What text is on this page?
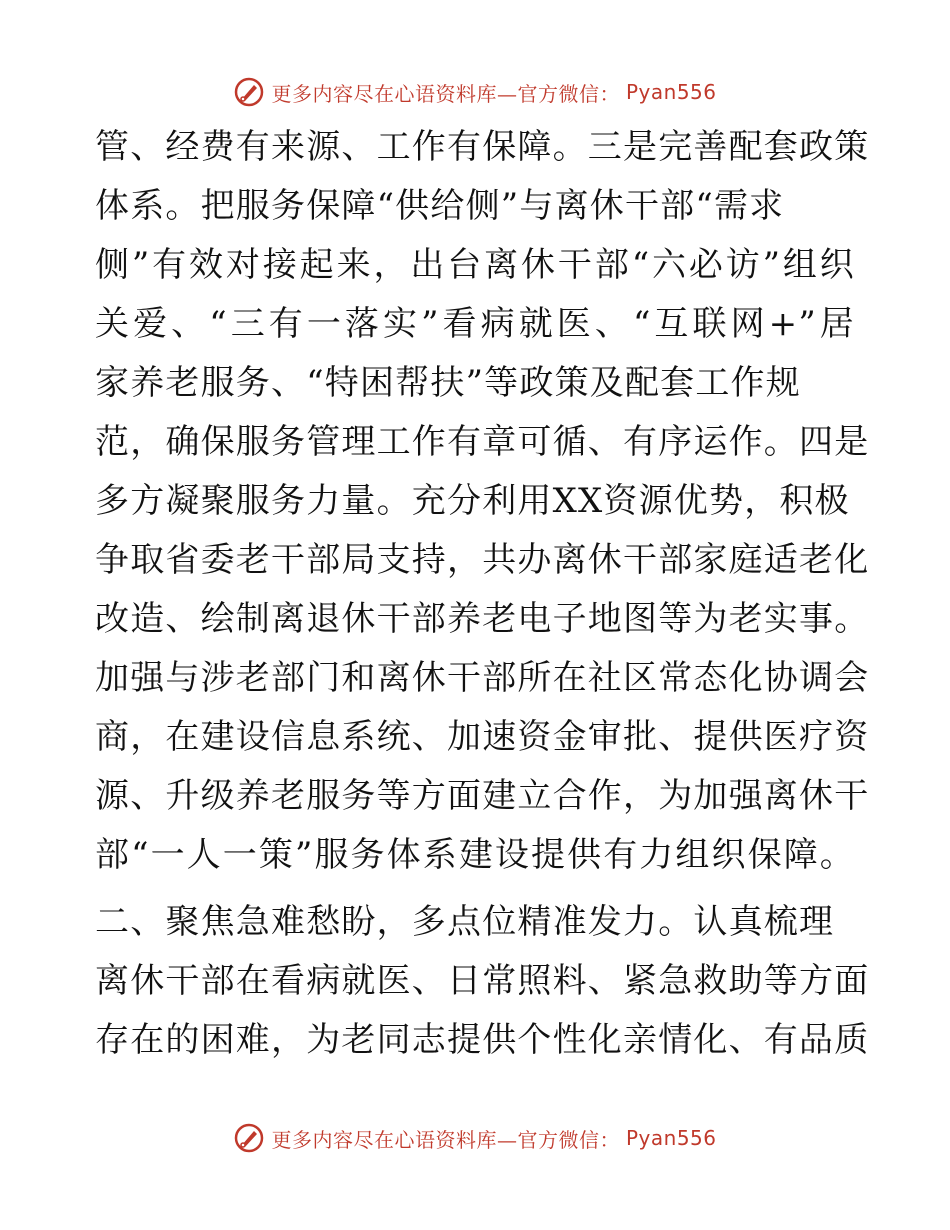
更多内容尽在心语资料库—官方微信： Pyan556
管、经费有来源、工作有保障。三是完善配套政策
体系。把服务保障“供给侧”与离休干部“需求
侧”有效对接起来，出台离休干部“六必访”组织
关爱、“三有一落实”看病就医、“互联网+”居
家养老服务、“特困帮扶”等政策及配套工作规
范，确保服务管理工作有章可循、有序运作。四是
多方凝聚服务力量。充分利用XX资源优势，积极
争取省委老干部局支持，共办离休干部家庭适老化
改造、绘制离退休干部养老电子地图等为老实事。
加强与涉老部门和离休干部所在社区常态化协调会
商，在建设信息系统、加速资金审批、提供医疗资
源、升级养老服务等方面建立合作，为加强离休干
部“一人一策”服务体系建设提供有力组织保障。
二、聚焦急难愁盼，多点位精准发力。认真梳理
离休干部在看病就医、日常照料、紧急救助等方面
存在的困难，为老同志提供个性化亲情化、有品质
更多内容尽在心语资料库—官方微信： Pyan556
